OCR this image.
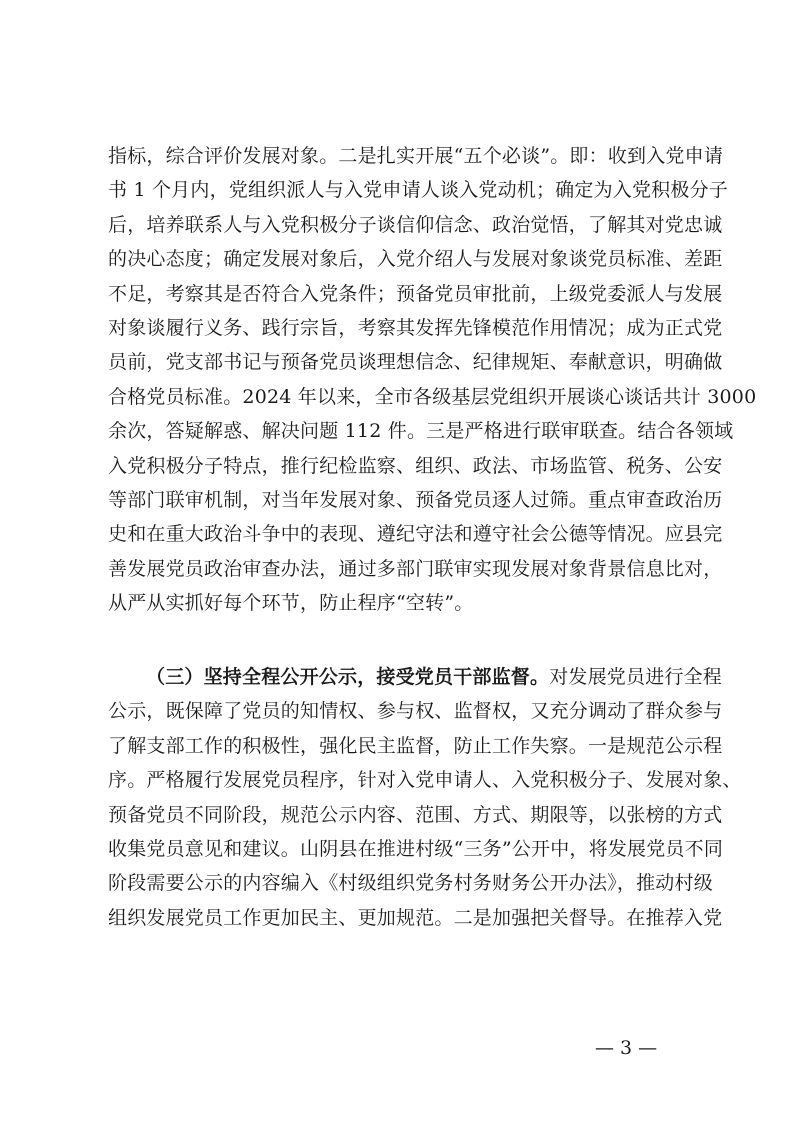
指标，综合评价发展对象。二是扎实开展“五个必谈”。即：收到入党申请
书 1 个月内，党组织派人与入党申请人谈入党动机；确定为入党积极分子
后，培养联系人与入党积极分子谈信仰信念、政治觉悟，了解其对党忠诚
的决心态度；确定发展对象后，入党介绍人与发展对象谈党员标准、差距
不足，考察其是否符合入党条件；预备党员审批前，上级党委派人与发展
对象谈履行义务、践行宗旨，考察其发挥先锋模范作用情况；成为正式党
员前，党支部书记与预备党员谈理想信念、纪律规矩、奉献意识，明确做
合格党员标准。2024 年以来，全市各级基层党组织开展谈心谈话共计 3000
余次，答疑解惑、解决问题 112 件。三是严格进行联审联查。结合各领域
入党积极分子特点，推行纪检监察、组织、政法、市场监管、税务、公安
等部门联审机制，对当年发展对象、预备党员逐人过筛。重点审查政治历
史和在重大政治斗争中的表现、遵纪守法和遵守社会公德等情况。应县完
善发展党员政治审查办法，通过多部门联审实现发展对象背景信息比对，
从严从实抓好每个环节，防止程序“空转”。
（三）坚持全程公开公示，接受党员干部监督。对发展党员进行全程
公示，既保障了党员的知情权、参与权、监督权，又充分调动了群众参与
了解支部工作的积极性，强化民主监督，防止工作失察。一是规范公示程
序。严格履行发展党员程序，针对入党申请人、入党积极分子、发展对象、
预备党员不同阶段，规范公示内容、范围、方式、期限等，以张榜的方式
收集党员意见和建议。山阴县在推进村级“三务”公开中，将发展党员不同
阶段需要公示的内容编入《村级组织党务村务财务公开办法》，推动村级
组织发展党员工作更加民主、更加规范。二是加强把关督导。在推荐入党
— 3 —
